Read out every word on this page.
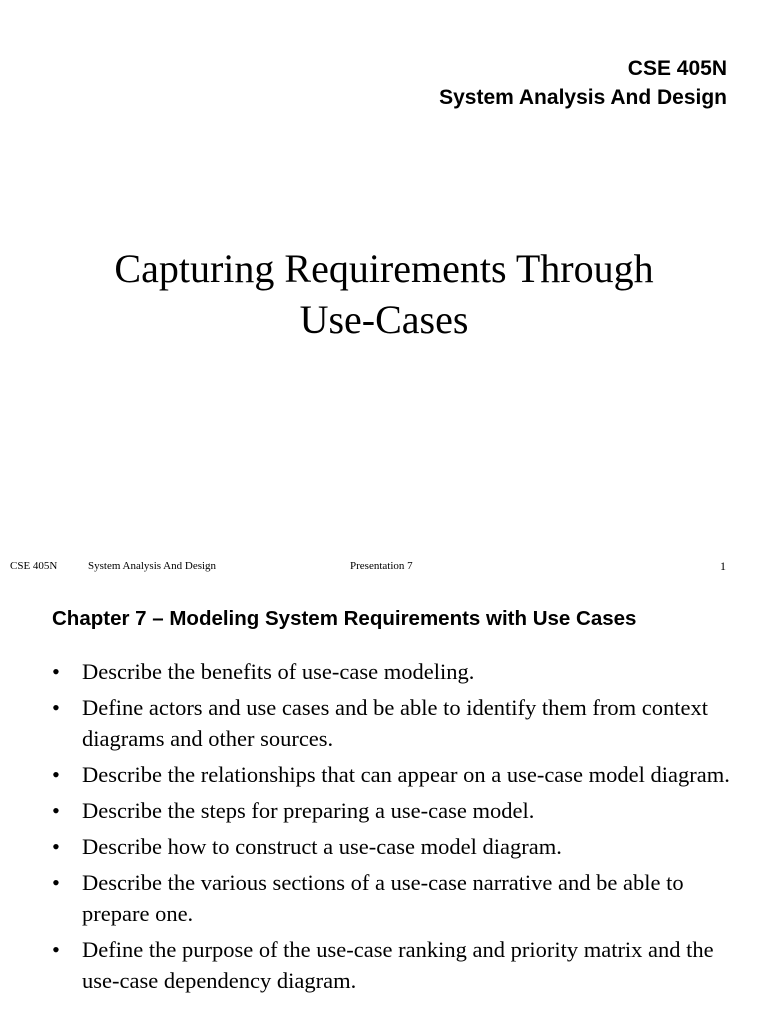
CSE 405N
System Analysis And Design
Capturing Requirements Through
Use-Cases
CSE 405N	System Analysis And Design	Presentation 7	1
Chapter 7 – Modeling System Requirements with Use Cases
• Describe the benefits of use-case modeling.
• Define actors and use cases and be able to identify them from context diagrams and other sources.
• Describe the relationships that can appear on a use-case model diagram.
• Describe the steps for preparing a use-case model.
• Describe how to construct a use-case model diagram.
• Describe the various sections of a use-case narrative and be able to prepare one.
• Define the purpose of the use-case ranking and priority matrix and the use-case dependency diagram.
